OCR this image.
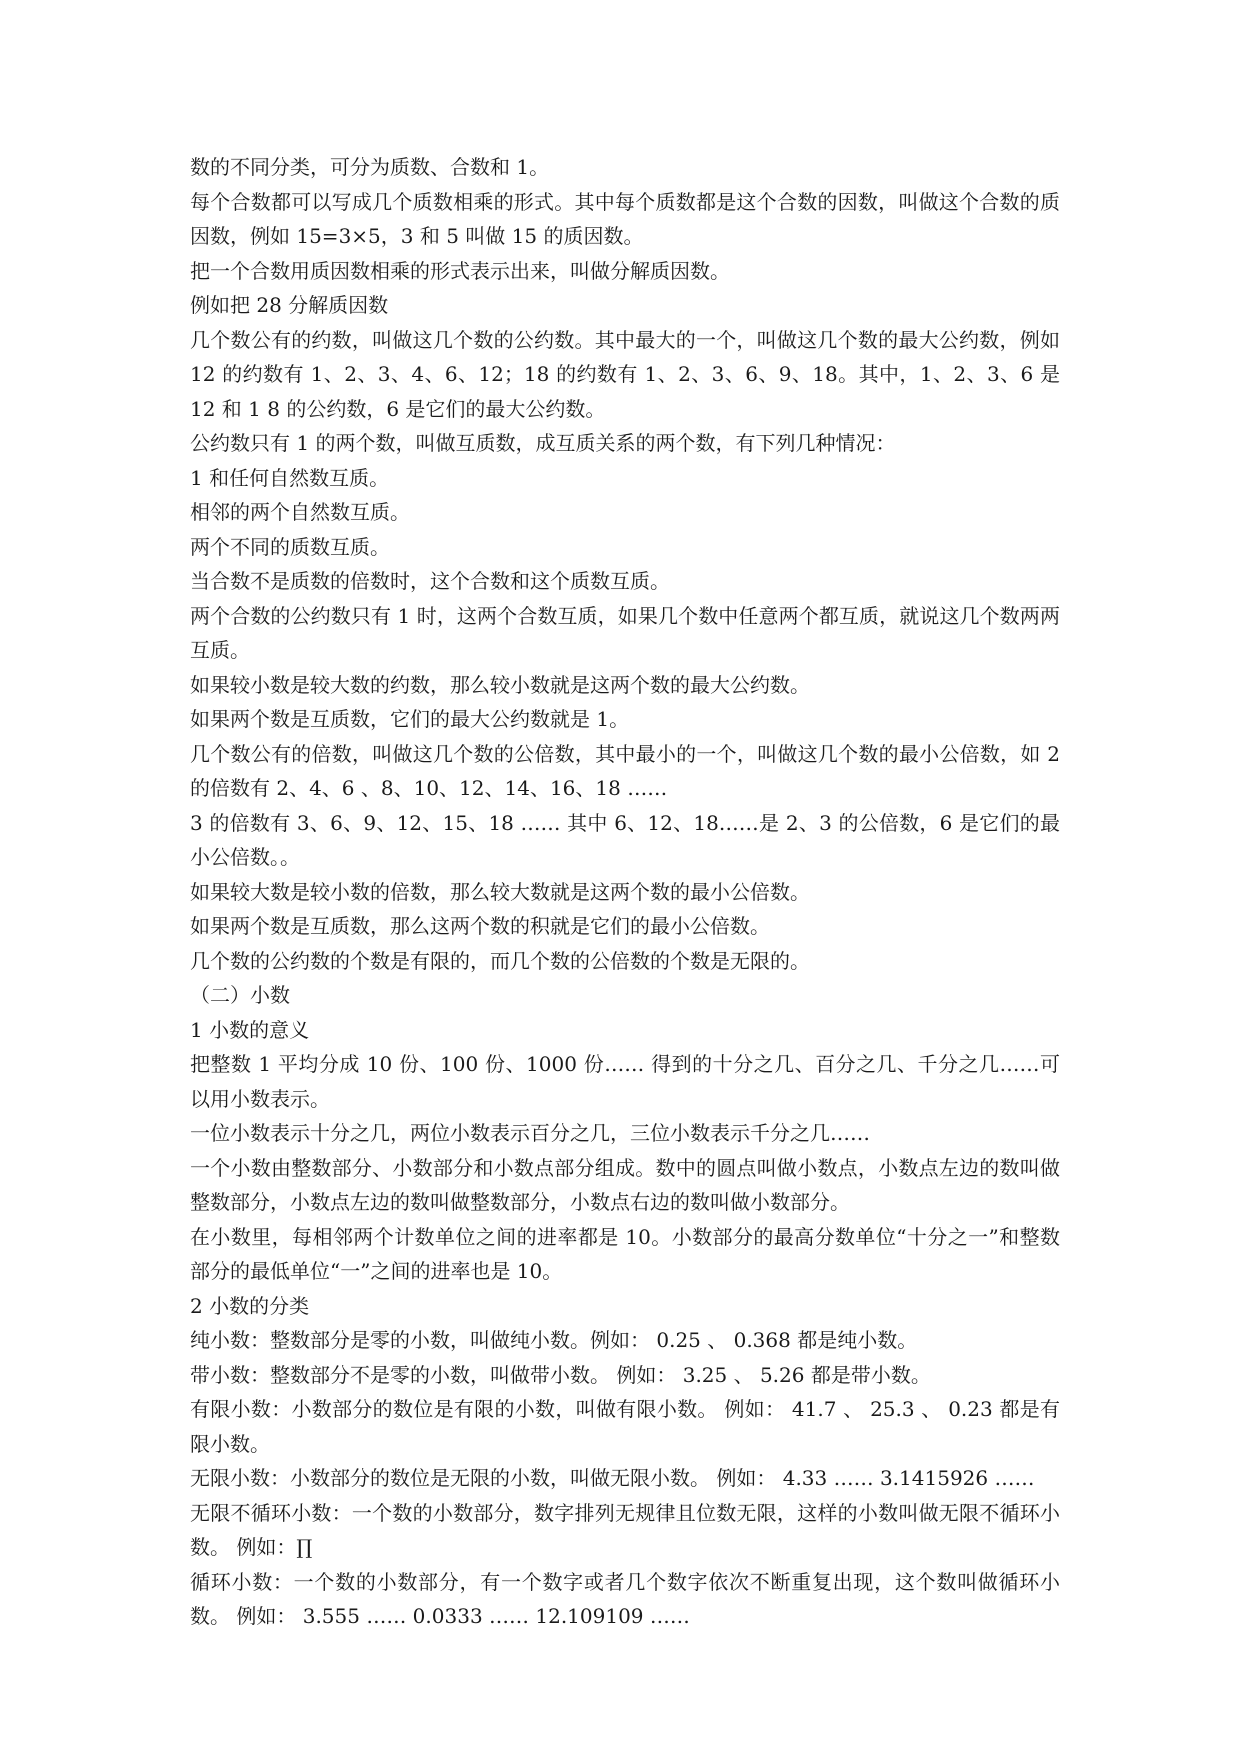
数的不同分类，可分为质数、合数和 1。

每个合数都可以写成几个质数相乘的形式。其中每个质数都是这个合数的因数，叫做这个合数的质因数，例如 15=3×5，3 和 5 叫做 15 的质因数。

把一个合数用质因数相乘的形式表示出来，叫做分解质因数。

例如把 28 分解质因数

几个数公有的约数，叫做这几个数的公约数。其中最大的一个，叫做这几个数的最大公约数，例如 12 的约数有 1、2、3、4、6、12；18 的约数有 1、2、3、6、9、18。其中，1、2、3、6 是 12 和 1 8 的公约数，6 是它们的最大公约数。

公约数只有 1 的两个数，叫做互质数，成互质关系的两个数，有下列几种情况：

1 和任何自然数互质。

相邻的两个自然数互质。

两个不同的质数互质。

当合数不是质数的倍数时，这个合数和这个质数互质。

两个合数的公约数只有 1 时，这两个合数互质，如果几个数中任意两个都互质，就说这几个数两两互质。

如果较小数是较大数的约数，那么较小数就是这两个数的最大公约数。

如果两个数是互质数，它们的最大公约数就是 1。

几个数公有的倍数，叫做这几个数的公倍数，其中最小的一个，叫做这几个数的最小公倍数，如 2 的倍数有 2、4、6 、8、10、12、14、16、18 ……

3 的倍数有 3、6、9、12、15、18 …… 其中 6、12、18……是 2、3 的公倍数，6 是它们的最小公倍数。。

如果较大数是较小数的倍数，那么较大数就是这两个数的最小公倍数。

如果两个数是互质数，那么这两个数的积就是它们的最小公倍数。

几个数的公约数的个数是有限的，而几个数的公倍数的个数是无限的。

（二）小数

1 小数的意义

把整数 1 平均分成 10 份、100 份、1000 份…… 得到的十分之几、百分之几、千分之几……可以用小数表示。

一位小数表示十分之几，两位小数表示百分之几，三位小数表示千分之几……

一个小数由整数部分、小数部分和小数点部分组成。数中的圆点叫做小数点，小数点左边的数叫做整数部分，小数点左边的数叫做整数部分，小数点右边的数叫做小数部分。

在小数里，每相邻两个计数单位之间的进率都是 10。小数部分的最高分数单位“十分之一”和整数部分的最低单位“一”之间的进率也是 10。

2 小数的分类

纯小数：整数部分是零的小数，叫做纯小数。例如： 0.25 、 0.368 都是纯小数。

带小数：整数部分不是零的小数，叫做带小数。 例如： 3.25 、 5.26 都是带小数。

有限小数：小数部分的数位是有限的小数，叫做有限小数。 例如： 41.7 、 25.3 、 0.23 都是有限小数。

无限小数：小数部分的数位是无限的小数，叫做无限小数。 例如： 4.33 …… 3.1415926 ……

无限不循环小数：一个数的小数部分，数字排列无规律且位数无限，这样的小数叫做无限不循环小数。 例如：∏

循环小数：一个数的小数部分，有一个数字或者几个数字依次不断重复出现，这个数叫做循环小数。 例如： 3.555 …… 0.0333 …… 12.109109 ……
